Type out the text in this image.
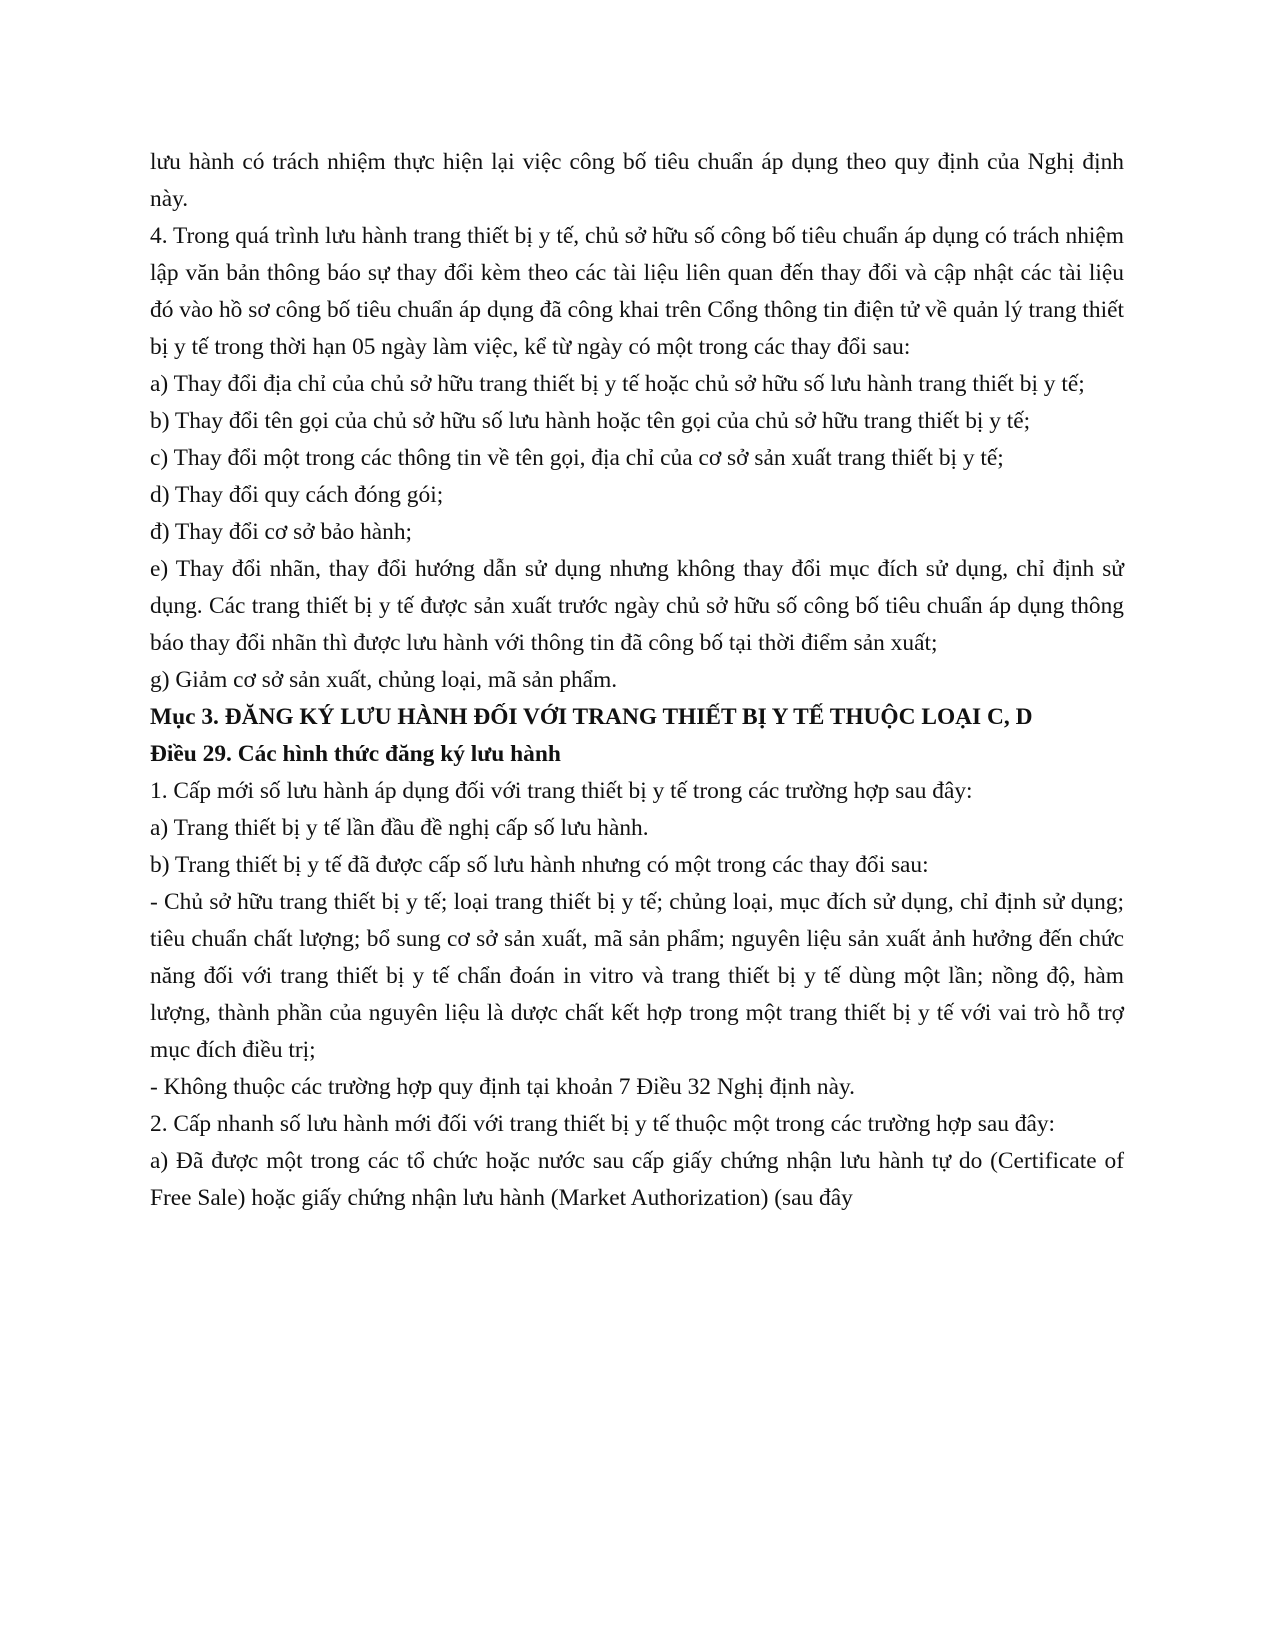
lưu hành có trách nhiệm thực hiện lại việc công bố tiêu chuẩn áp dụng theo quy định của Nghị định này.

4. Trong quá trình lưu hành trang thiết bị y tế, chủ sở hữu số công bố tiêu chuẩn áp dụng có trách nhiệm lập văn bản thông báo sự thay đổi kèm theo các tài liệu liên quan đến thay đổi và cập nhật các tài liệu đó vào hồ sơ công bố tiêu chuẩn áp dụng đã công khai trên Cổng thông tin điện tử về quản lý trang thiết bị y tế trong thời hạn 05 ngày làm việc, kể từ ngày có một trong các thay đổi sau:

a) Thay đổi địa chỉ của chủ sở hữu trang thiết bị y tế hoặc chủ sở hữu số lưu hành trang thiết bị y tế;

b) Thay đổi tên gọi của chủ sở hữu số lưu hành hoặc tên gọi của chủ sở hữu trang thiết bị y tế;

c) Thay đổi một trong các thông tin về tên gọi, địa chỉ của cơ sở sản xuất trang thiết bị y tế;

d) Thay đổi quy cách đóng gói;

đ) Thay đổi cơ sở bảo hành;

e) Thay đổi nhãn, thay đổi hướng dẫn sử dụng nhưng không thay đổi mục đích sử dụng, chỉ định sử dụng. Các trang thiết bị y tế được sản xuất trước ngày chủ sở hữu số công bố tiêu chuẩn áp dụng thông báo thay đổi nhãn thì được lưu hành với thông tin đã công bố tại thời điểm sản xuất;

g) Giảm cơ sở sản xuất, chủng loại, mã sản phẩm.

Mục 3. ĐĂNG KÝ LƯU HÀNH ĐỐI VỚI TRANG THIẾT BỊ Y TẾ THUỘC LOẠI C, D

Điều 29. Các hình thức đăng ký lưu hành

1. Cấp mới số lưu hành áp dụng đối với trang thiết bị y tế trong các trường hợp sau đây:

a) Trang thiết bị y tế lần đầu đề nghị cấp số lưu hành.

b) Trang thiết bị y tế đã được cấp số lưu hành nhưng có một trong các thay đổi sau:

- Chủ sở hữu trang thiết bị y tế; loại trang thiết bị y tế; chủng loại, mục đích sử dụng, chỉ định sử dụng; tiêu chuẩn chất lượng; bổ sung cơ sở sản xuất, mã sản phẩm; nguyên liệu sản xuất ảnh hưởng đến chức năng đối với trang thiết bị y tế chẩn đoán in vitro và trang thiết bị y tế dùng một lần; nồng độ, hàm lượng, thành phần của nguyên liệu là dược chất kết hợp trong một trang thiết bị y tế với vai trò hỗ trợ mục đích điều trị;

- Không thuộc các trường hợp quy định tại khoản 7 Điều 32 Nghị định này.

2. Cấp nhanh số lưu hành mới đối với trang thiết bị y tế thuộc một trong các trường hợp sau đây:

a) Đã được một trong các tổ chức hoặc nước sau cấp giấy chứng nhận lưu hành tự do (Certificate of Free Sale) hoặc giấy chứng nhận lưu hành (Market Authorization) (sau đây
